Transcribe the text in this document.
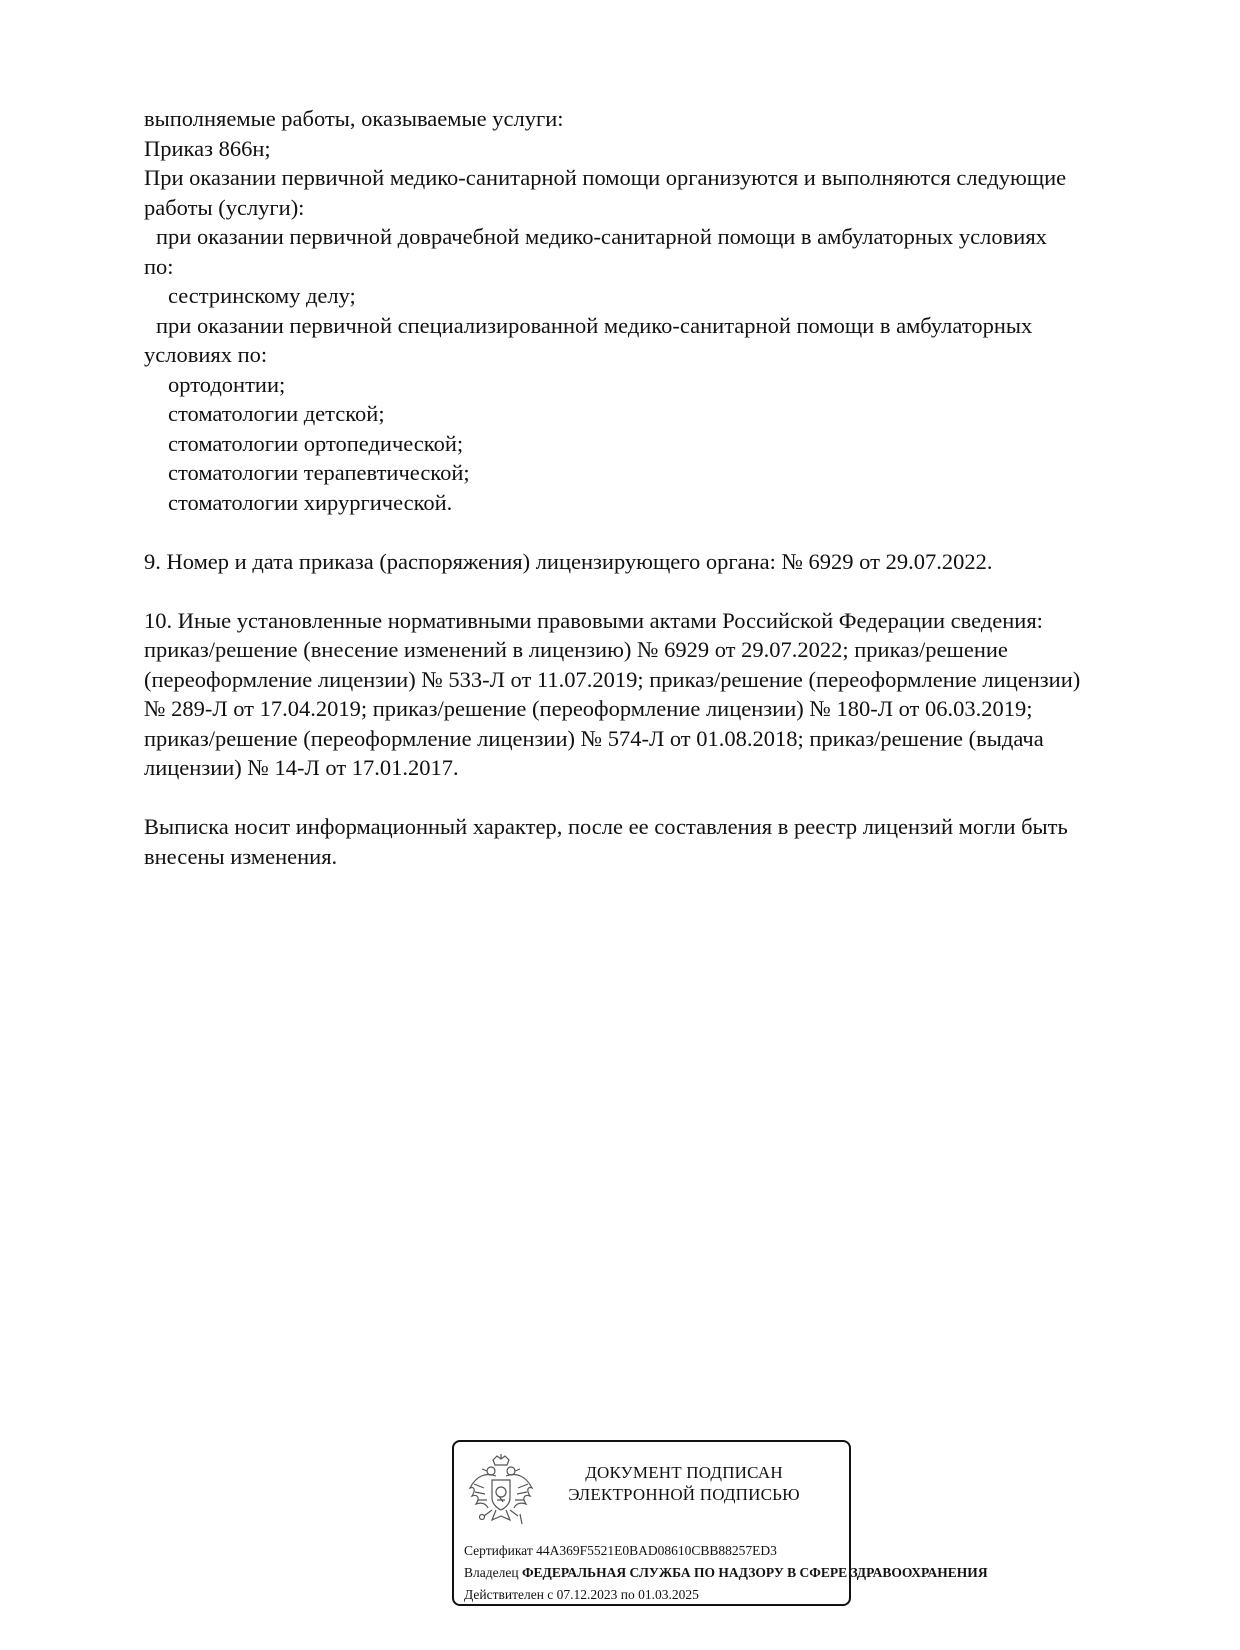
выполняемые работы, оказываемые услуги:
Приказ 866н;
При оказании первичной медико-санитарной помощи организуются и выполняются следующие
работы (услуги):
при оказании первичной доврачебной медико-санитарной помощи в амбулаторных условиях
по:
сестринскому делу;
при оказании первичной специализированной медико-санитарной помощи в амбулаторных
условиях по:
ортодонтии;
стоматологии детской;
стоматологии ортопедической;
стоматологии терапевтической;
стоматологии хирургической.
9. Номер и дата приказа (распоряжения) лицензирующего органа: № 6929 от 29.07.2022.
10. Иные установленные нормативными правовыми актами Российской Федерации сведения:
приказ/решение (внесение изменений в лицензию) № 6929 от 29.07.2022; приказ/решение
(переоформление лицензии) № 533-Л от 11.07.2019; приказ/решение (переоформление лицензии)
№ 289-Л от 17.04.2019; приказ/решение (переоформление лицензии) № 180-Л от 06.03.2019;
приказ/решение (переоформление лицензии) № 574-Л от 01.08.2018; приказ/решение (выдача
лицензии) № 14-Л от 17.01.2017.
Выписка носит информационный характер, после ее составления в реестр лицензий могли быть
внесены изменения.
ДОКУМЕНТ ПОДПИСАН
ЭЛЕКТРОННОЙ ПОДПИСЬЮ
Сертификат 44A369F5521E0BAD08610CBB88257ED3
Владелец ФЕДЕРАЛЬНАЯ СЛУЖБА ПО НАДЗОРУ В СФЕРЕ ЗДРАВООХРАНЕНИЯ
Действителен с 07.12.2023 по 01.03.2025
